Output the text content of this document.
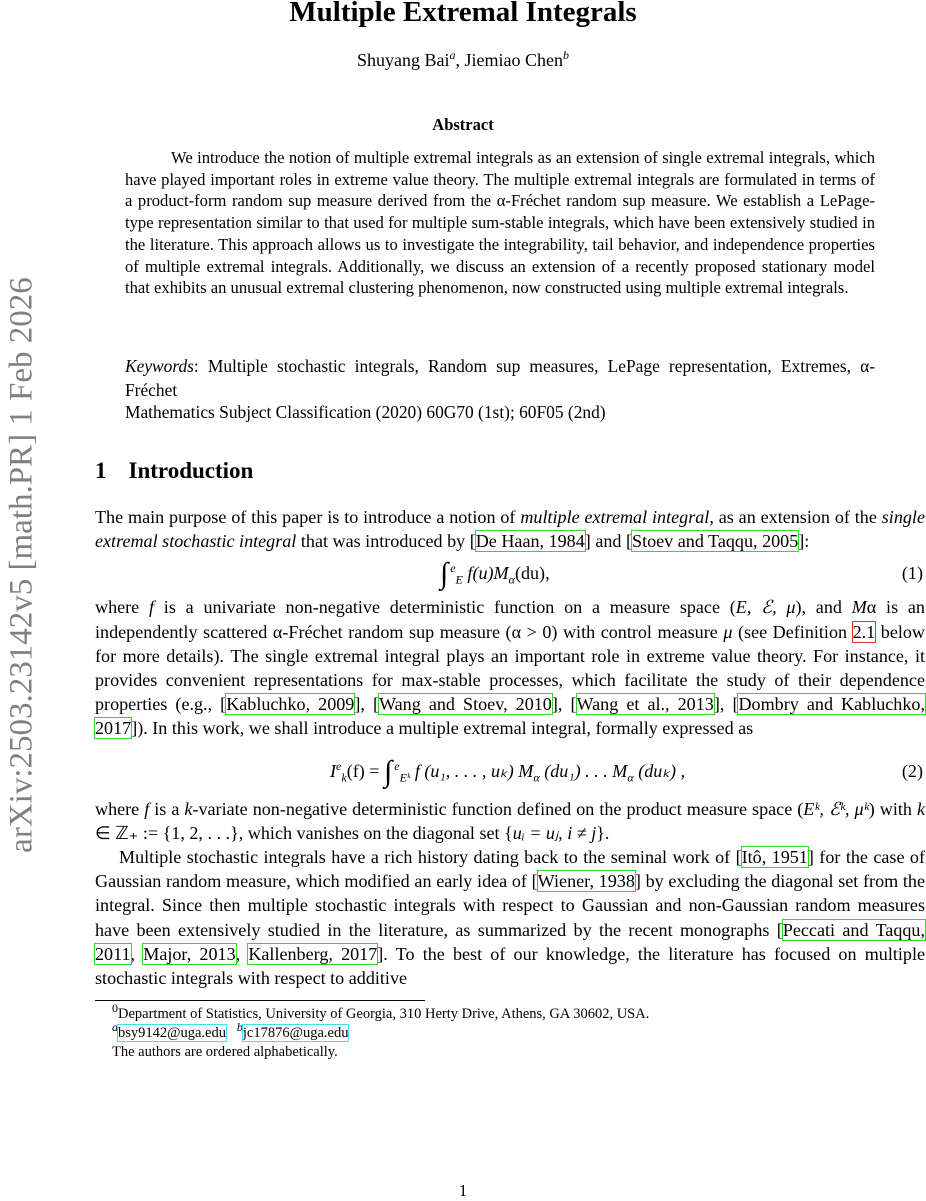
arXiv:2503.23142v5 [math.PR] 1 Feb 2026
Multiple Extremal Integrals
Shuyang Bai$^a$, Jiemiao Chen$^b$
Abstract
We introduce the notion of multiple extremal integrals as an extension of single extremal integrals, which have played important roles in extreme value theory. The multiple extremal integrals are formulated in terms of a product-form random sup measure derived from the α-Fréchet random sup measure. We establish a LePage-type representation similar to that used for multiple sum-stable integrals, which have been extensively studied in the literature. This approach allows us to investigate the integrability, tail behavior, and independence properties of multiple extremal integrals. Additionally, we discuss an extension of a recently proposed stationary model that exhibits an unusual extremal clustering phenomenon, now constructed using multiple extremal integrals.
Keywords: Multiple stochastic integrals, Random sup measures, LePage representation, Extremes, α-Fréchet
Mathematics Subject Classification (2020) 60G70 (1st); 60F05 (2nd)
1 Introduction
The main purpose of this paper is to introduce a notion of multiple extremal integral, as an extension of the single extremal stochastic integral that was introduced by [De Haan, 1984] and [Stoev and Taqqu, 2005]:
∫ $^e_E$ $f(u)M_\alpha(du)$,	(1)
where f is a univariate non-negative deterministic function on a measure space (E, ℰ, μ), and Mα is an independently scattered α-Fréchet random sup measure (α > 0) with control measure μ (see Definition 2.1 below for more details). The single extremal integral plays an important role in extreme value theory. For instance, it provides convenient representations for max-stable processes, which facilitate the study of their dependence properties (e.g., [Kabluchko, 2009], [Wang and Stoev, 2010], [Wang et al., 2013], [Dombry and Kabluchko, 2017]). In this work, we shall introduce a multiple extremal integral, formally expressed as
$I^e_k(f)$ = ∫ $^e_{Eᵏ}$ f (u₁, . . . , uₖ) $M_\alpha$ (du₁) . . . $M_\alpha$ (duₖ) ,	(2)
where f is a k-variate non-negative deterministic function defined on the product measure space (Eᵏ, ℰᵏ, μᵏ) with k ∈ ℤ₊ := {1, 2, . . .}, which vanishes on the diagonal set {uᵢ = uⱼ, i ≠ j}.
Multiple stochastic integrals have a rich history dating back to the seminal work of [Itô, 1951] for the case of Gaussian random measure, which modified an early idea of [Wiener, 1938] by excluding the diagonal set from the integral. Since then multiple stochastic integrals with respect to Gaussian and non-Gaussian random measures have been extensively studied in the literature, as summarized by the recent monographs [Peccati and Taqqu, 2011, Major, 2013, Kallenberg, 2017]. To the best of our knowledge, the literature has focused on multiple stochastic integrals with respect to additive
$^0$Department of Statistics, University of Georgia, 310 Herty Drive, Athens, GA 30602, USA.
$^a$bsy9142@uga.edu $^b$jc17876@uga.edu
The authors are ordered alphabetically.
1
